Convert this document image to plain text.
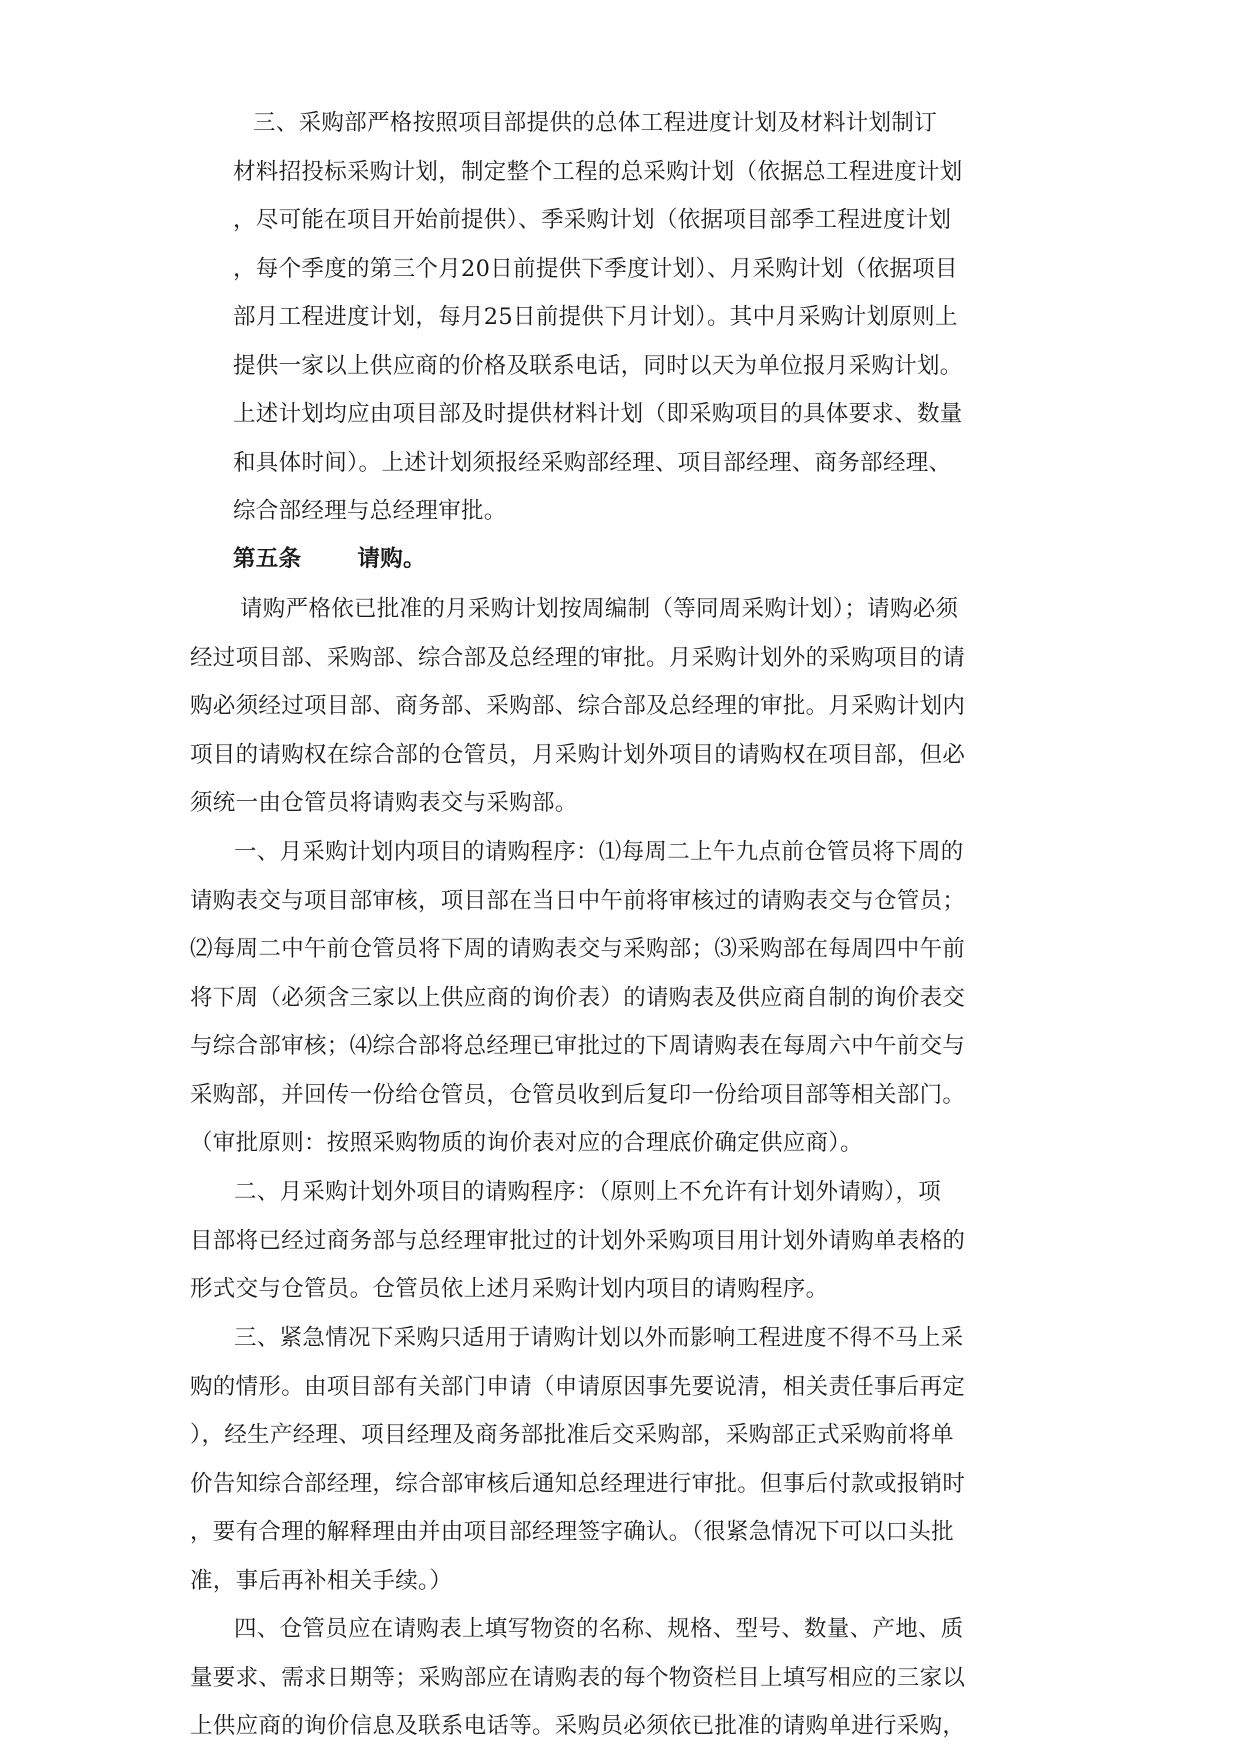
三、采购部严格按照项目部提供的总体工程进度计划及材料计划制订
材料招投标采购计划，制定整个工程的总采购计划（依据总工程进度计划
，尽可能在项目开始前提供）、季采购计划（依据项目部季工程进度计划
，每个季度的第三个月20日前提供下季度计划）、月采购计划（依据项目
部月工程进度计划，每月25日前提供下月计划）。其中月采购计划原则上
提供一家以上供应商的价格及联系电话，同时以天为单位报月采购计划。
上述计划均应由项目部及时提供材料计划（即采购项目的具体要求、数量
和具体时间）。上述计划须报经采购部经理、项目部经理、商务部经理、
综合部经理与总经理审批。
第五条 请购。
请购严格依已批准的月采购计划按周编制（等同周采购计划）；请购必须
经过项目部、采购部、综合部及总经理的审批。月采购计划外的采购项目的请
购必须经过项目部、商务部、采购部、综合部及总经理的审批。月采购计划内
项目的请购权在综合部的仓管员，月采购计划外项目的请购权在项目部，但必
须统一由仓管员将请购表交与采购部。
一、月采购计划内项目的请购程序：⑴每周二上午九点前仓管员将下周的
请购表交与项目部审核，项目部在当日中午前将审核过的请购表交与仓管员；
⑵每周二中午前仓管员将下周的请购表交与采购部；⑶采购部在每周四中午前
将下周（必须含三家以上供应商的询价表）的请购表及供应商自制的询价表交
与综合部审核；⑷综合部将总经理已审批过的下周请购表在每周六中午前交与
采购部，并回传一份给仓管员，仓管员收到后复印一份给项目部等相关部门。
（审批原则：按照采购物质的询价表对应的合理底价确定供应商）。
二、月采购计划外项目的请购程序：（原则上不允许有计划外请购），项
目部将已经过商务部与总经理审批过的计划外采购项目用计划外请购单表格的
形式交与仓管员。仓管员依上述月采购计划内项目的请购程序。
三、紧急情况下采购只适用于请购计划以外而影响工程进度不得不马上采
购的情形。由项目部有关部门申请（申请原因事先要说清，相关责任事后再定
），经生产经理、项目经理及商务部批准后交采购部，采购部正式采购前将单
价告知综合部经理，综合部审核后通知总经理进行审批。但事后付款或报销时
，要有合理的解释理由并由项目部经理签字确认。（很紧急情况下可以口头批
准，事后再补相关手续。）
四、仓管员应在请购表上填写物资的名称、规格、型号、数量、产地、质
量要求、需求日期等；采购部应在请购表的每个物资栏目上填写相应的三家以
上供应商的询价信息及联系电话等。采购员必须依已批准的请购单进行采购，
